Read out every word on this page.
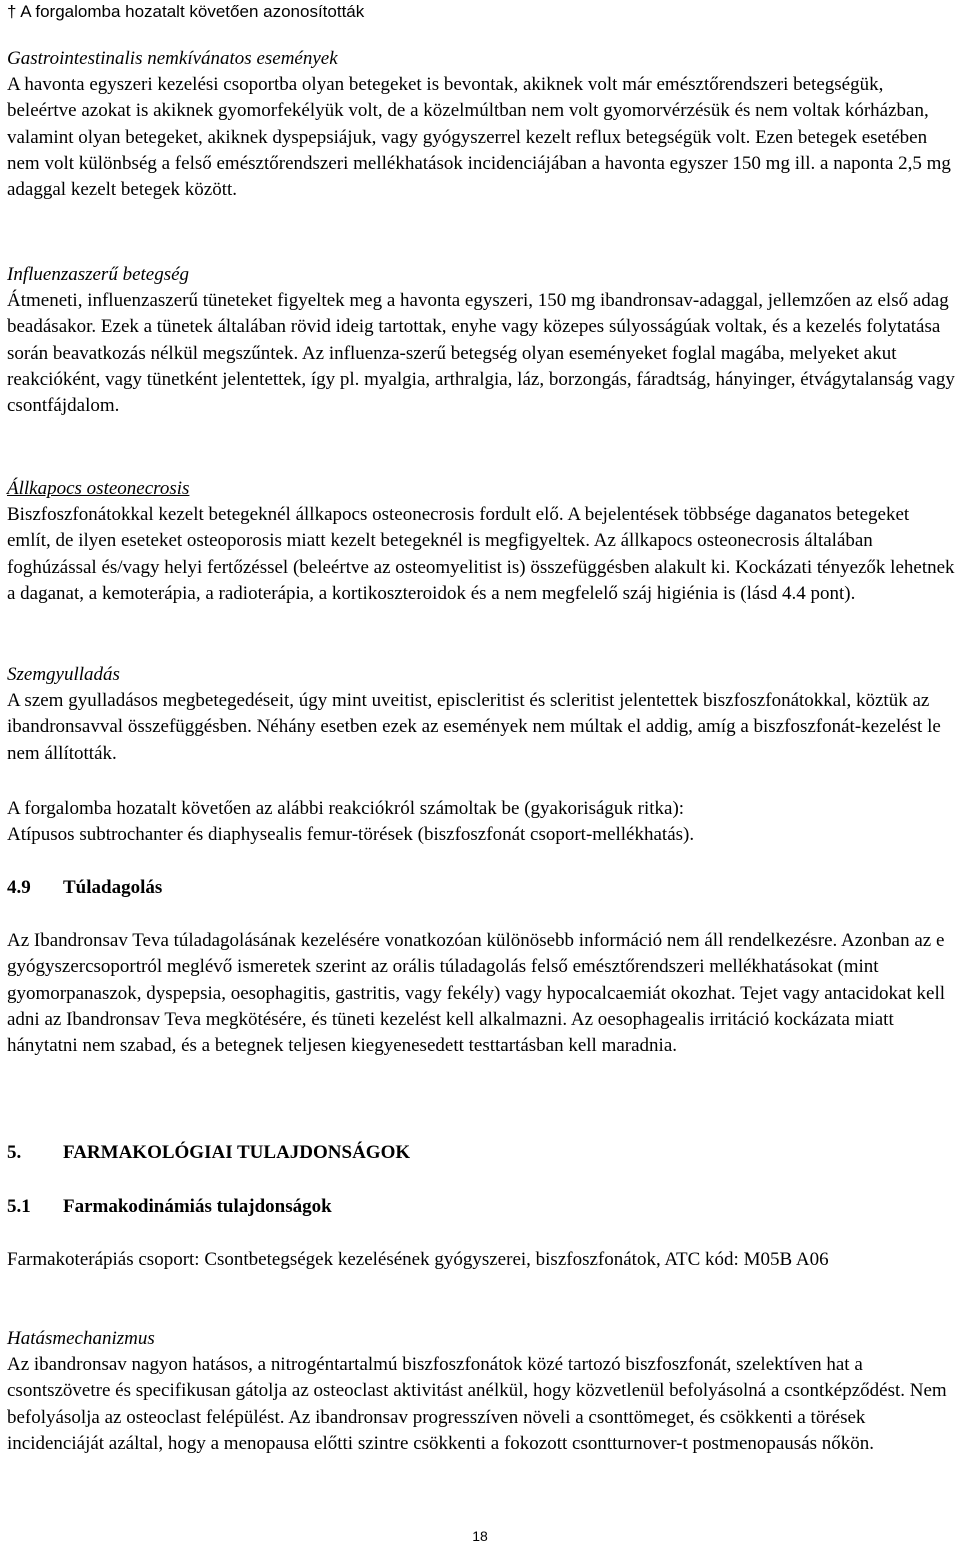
† A forgalomba hozatalt követően azonosították

Gastrointestinalis nemkívánatos események

A havonta egyszeri kezelési csoportba olyan betegeket is bevontak, akiknek volt már emésztőrendszeri betegségük, beleértve azokat is akiknek gyomorfekélyük volt, de a közelmúltban nem volt gyomorvérzésük és nem voltak kórházban, valamint olyan betegeket, akiknek dyspepsiájuk, vagy gyógyszerrel kezelt reflux betegségük volt. Ezen betegek esetében nem volt különbség a felső emésztőrendszeri mellékhatások incidenciájában a havonta egyszer 150 mg ill. a naponta 2,5 mg adaggal kezelt betegek között.

Influenzaszerű betegség

Átmeneti, influenzaszerű tüneteket figyeltek meg a havonta egyszeri, 150 mg ibandronsav-adaggal, jellemzően az első adag beadásakor. Ezek a tünetek általában rövid ideig tartottak, enyhe vagy közepes súlyosságúak voltak, és a kezelés folytatása során beavatkozás nélkül megszűntek. Az influenza-szerű betegség olyan eseményeket foglal magába, melyeket akut reakcióként, vagy tünetként jelentettek, így pl. myalgia, arthralgia, láz, borzongás, fáradtság, hányinger, étvágytalanság vagy csontfájdalom.

Állkapocs osteonecrosis

Biszfoszfonátokkal kezelt betegeknél állkapocs osteonecrosis fordult elő. A bejelentések többsége daganatos betegeket említ, de ilyen eseteket osteoporosis miatt kezelt betegeknél is megfigyeltek. Az állkapocs osteonecrosis általában foghúzással és/vagy helyi fertőzéssel (beleértve az osteomyelitist is) összefüggésben alakult ki. Kockázati tényezők lehetnek a daganat, a kemoterápia, a radioterápia, a kortikoszteroidok és a nem megfelelő száj higiénia is (lásd 4.4 pont).

Szemgyulladás

A szem gyulladásos megbetegedéseit, úgy mint uveitist, episcleritist és scleritist jelentettek biszfoszfonátokkal, köztük az ibandronsavval összefüggésben. Néhány esetben ezek az események nem múltak el addig, amíg a biszfoszfonát-kezelést le nem állították.

A forgalomba hozatalt követően az alábbi reakciókról számoltak be (gyakoriságuk ritka):

Atípusos subtrochanter és diaphysealis femur-törések (biszfoszfonát csoport-mellékhatás).

4.9 Túladagolás

Az Ibandronsav Teva túladagolásának kezelésére vonatkozóan különösebb információ nem áll rendelkezésre. Azonban az e gyógyszercsoportról meglévő ismeretek szerint az orális túladagolás felső emésztőrendszeri mellékhatásokat (mint gyomorpanaszok, dyspepsia, oesophagitis, gastritis, vagy fekély) vagy hypocalcaemiát okozhat. Tejet vagy antacidokat kell adni az Ibandronsav Teva megkötésére, és tüneti kezelést kell alkalmazni. Az oesophagealis irritáció kockázata miatt hánytatni nem szabad, és a betegnek teljesen kiegyenesedett testtartásban kell maradnia.

5. FARMAKOLÓGIAI TULAJDONSÁGOK

5.1 Farmakodinámiás tulajdonságok

Farmakoterápiás csoport: Csontbetegségek kezelésének gyógyszerei, biszfoszfonátok, ATC kód: M05B A06

Hatásmechanizmus

Az ibandronsav nagyon hatásos, a nitrogéntartalmú biszfoszfonátok közé tartozó biszfoszfonát, szelektíven hat a csontszövetre és specifikusan gátolja az osteoclast aktivitást anélkül, hogy közvetlenül befolyásolná a csontképződést. Nem befolyásolja az osteoclast felépülést. Az ibandronsav progresszíven növeli a csonttömeget, és csökkenti a törések incidenciáját azáltal, hogy a menopausa előtti szintre csökkenti a fokozott csontturnover-t postmenopausás nőkön.

18
